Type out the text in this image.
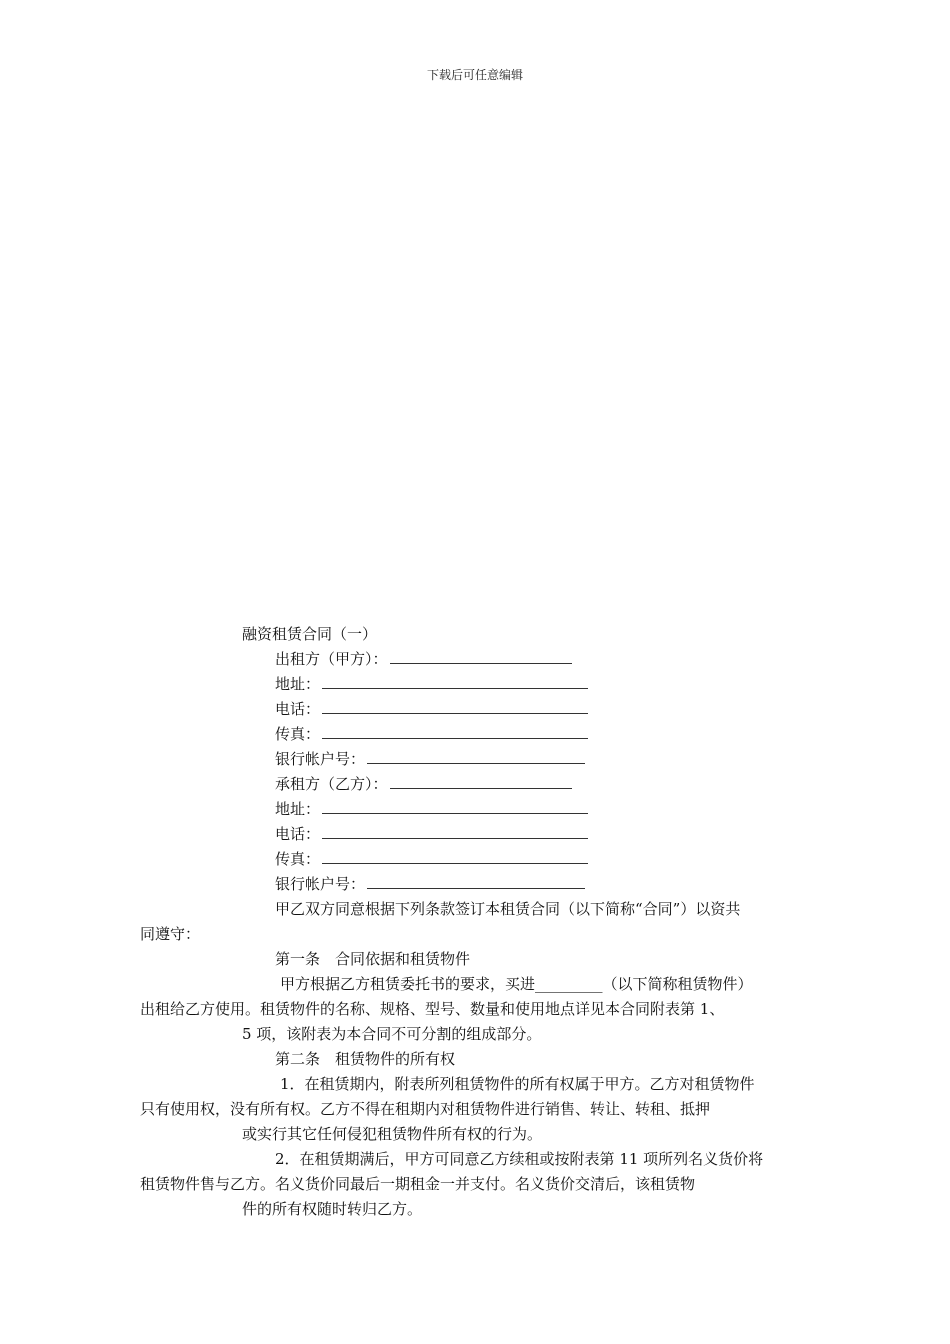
下载后可任意编辑
融资租赁合同（一）
出租方（甲方）：
地址：
电话：
传真：
银行帐户号：
承租方（乙方）：
地址：
电话：
传真：
银行帐户号：
甲乙双方同意根据下列条款签订本租赁合同（以下简称“合同”）以资共
同遵守：
第一条　合同依据和租赁物件
甲方根据乙方租赁委托书的要求，买进_________（以下简称租赁物件）
出租给乙方使用。租赁物件的名称、规格、型号、数量和使用地点详见本合同附表第 1、
5 项，该附表为本合同不可分割的组成部分。
第二条　租赁物件的所有权
1．在租赁期内，附表所列租赁物件的所有权属于甲方。乙方对租赁物件
只有使用权，没有所有权。乙方不得在租期内对租赁物件进行销售、转让、转租、抵押
或实行其它任何侵犯租赁物件所有权的行为。
2．在租赁期满后，甲方可同意乙方续租或按附表第 11 项所列名义货价将
租赁物件售与乙方。名义货价同最后一期租金一并支付。名义货价交清后，该租赁物
件的所有权随时转归乙方。
